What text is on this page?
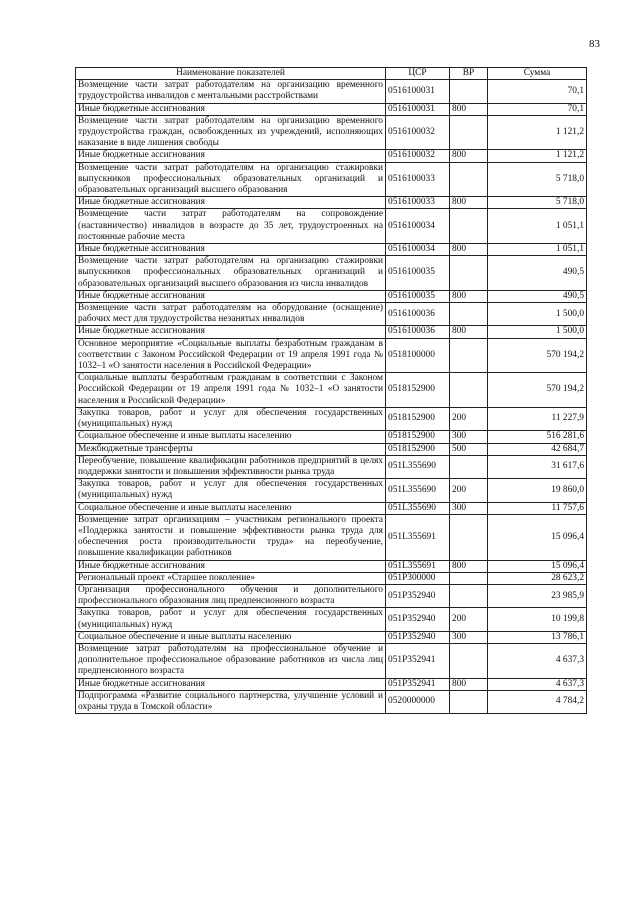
83
Наименование показателей	ЦСР	ВР	Сумма
Возмещение части затрат работодателям на организацию временного трудоустройства инвалидов с ментальными расстройствами	0516100031		70,1
Иные бюджетные ассигнования	0516100031	800	70,1
Возмещение части затрат работодателям на организацию временного трудоустройства граждан, освобожденных из учреждений, исполняющих наказание в виде лишения свободы	0516100032		1 121,2
Иные бюджетные ассигнования	0516100032	800	1 121,2
Возмещение части затрат работодателям на организацию стажировки выпускников профессиональных образовательных организаций и образовательных организаций высшего образования	0516100033		5 718,0
Иные бюджетные ассигнования	0516100033	800	5 718,0
Возмещение части затрат работодателям на сопровождение (наставничество) инвалидов в возрасте до 35 лет, трудоустроенных на постоянные рабочие места	0516100034		1 051,1
Иные бюджетные ассигнования	0516100034	800	1 051,1
Возмещение части затрат работодателям на организацию стажировки выпускников профессиональных образовательных организаций и образовательных организаций высшего образования из числа инвалидов	0516100035		490,5
Иные бюджетные ассигнования	0516100035	800	490,5
Возмещение части затрат работодателям на оборудование (оснащение) рабочих мест для трудоустройства незанятых инвалидов	0516100036		1 500,0
Иные бюджетные ассигнования	0516100036	800	1 500,0
Основное мероприятие «Социальные выплаты безработным гражданам в соответствии с Законом Российской Федерации от 19 апреля 1991 года № 1032–1 «О занятости населения в Российской Федерации»	0518100000		570 194,2
Социальные выплаты безработным гражданам в соответствии с Законом Российской Федерации от 19 апреля 1991 года № 1032–1 «О занятости населения в Российской Федерации»	0518152900		570 194,2
Закупка товаров, работ и услуг для обеспечения государственных (муниципальных) нужд	0518152900	200	11 227,9
Социальное обеспечение и иные выплаты населению	0518152900	300	516 281,6
Межбюджетные трансферты	0518152900	500	42 684,7
Переобучение, повышение квалификации работников предприятий в целях поддержки занятости и повышения эффективности рынка труда	051L355690		31 617,6
Закупка товаров, работ и услуг для обеспечения государственных (муниципальных) нужд	051L355690	200	19 860,0
Социальное обеспечение и иные выплаты населению	051L355690	300	11 757,6
Возмещение затрат организациям – участникам регионального проекта «Поддержка занятости и повышение эффективности рынка труда для обеспечения роста производительности труда» на переобучение, повышение квалификации работников	051L355691		15 096,4
Иные бюджетные ассигнования	051L355691	800	15 096,4
Региональный проект «Старшее поколение»	051P300000		28 623,2
Организация профессионального обучения и дополнительного профессионального образования лиц предпенсионного возраста	051P352940		23 985,9
Закупка товаров, работ и услуг для обеспечения государственных (муниципальных) нужд	051P352940	200	10 199,8
Социальное обеспечение и иные выплаты населению	051P352940	300	13 786,1
Возмещение затрат работодателям на профессиональное обучение и дополнительное профессиональное образование работников из числа лиц предпенсионного возраста	051P352941		4 637,3
Иные бюджетные ассигнования	051P352941	800	4 637,3
Подпрограмма «Развитие социального партнерства, улучшение условий и охраны труда в Томской области»	0520000000		4 784,2
